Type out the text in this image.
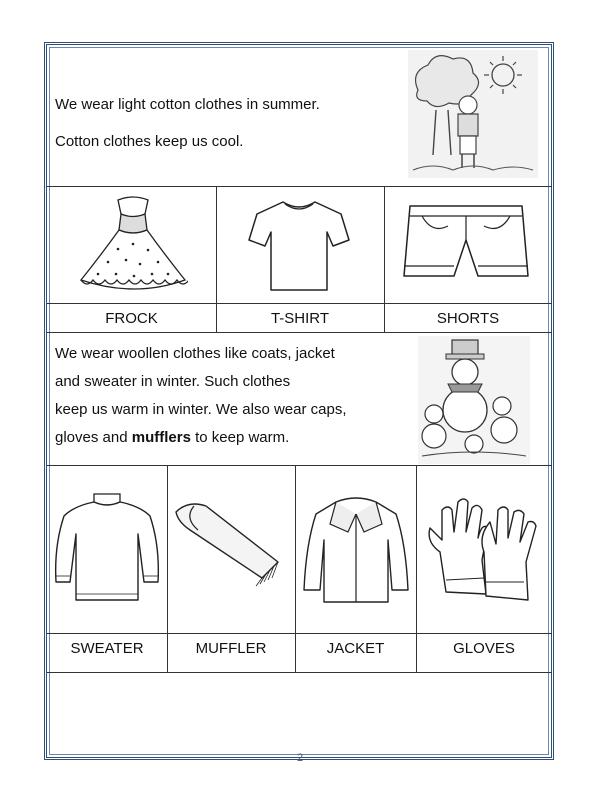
We wear light cotton clothes in summer.
Cotton clothes keep us cool.
FROCK	T-SHIRT	SHORTS
We wear woollen clothes like coats, jacket
and sweater in winter. Such clothes
keep us warm in winter. We also wear caps,
gloves and mufflers to keep warm.
SWEATER	MUFFLER	JACKET	GLOVES
2
